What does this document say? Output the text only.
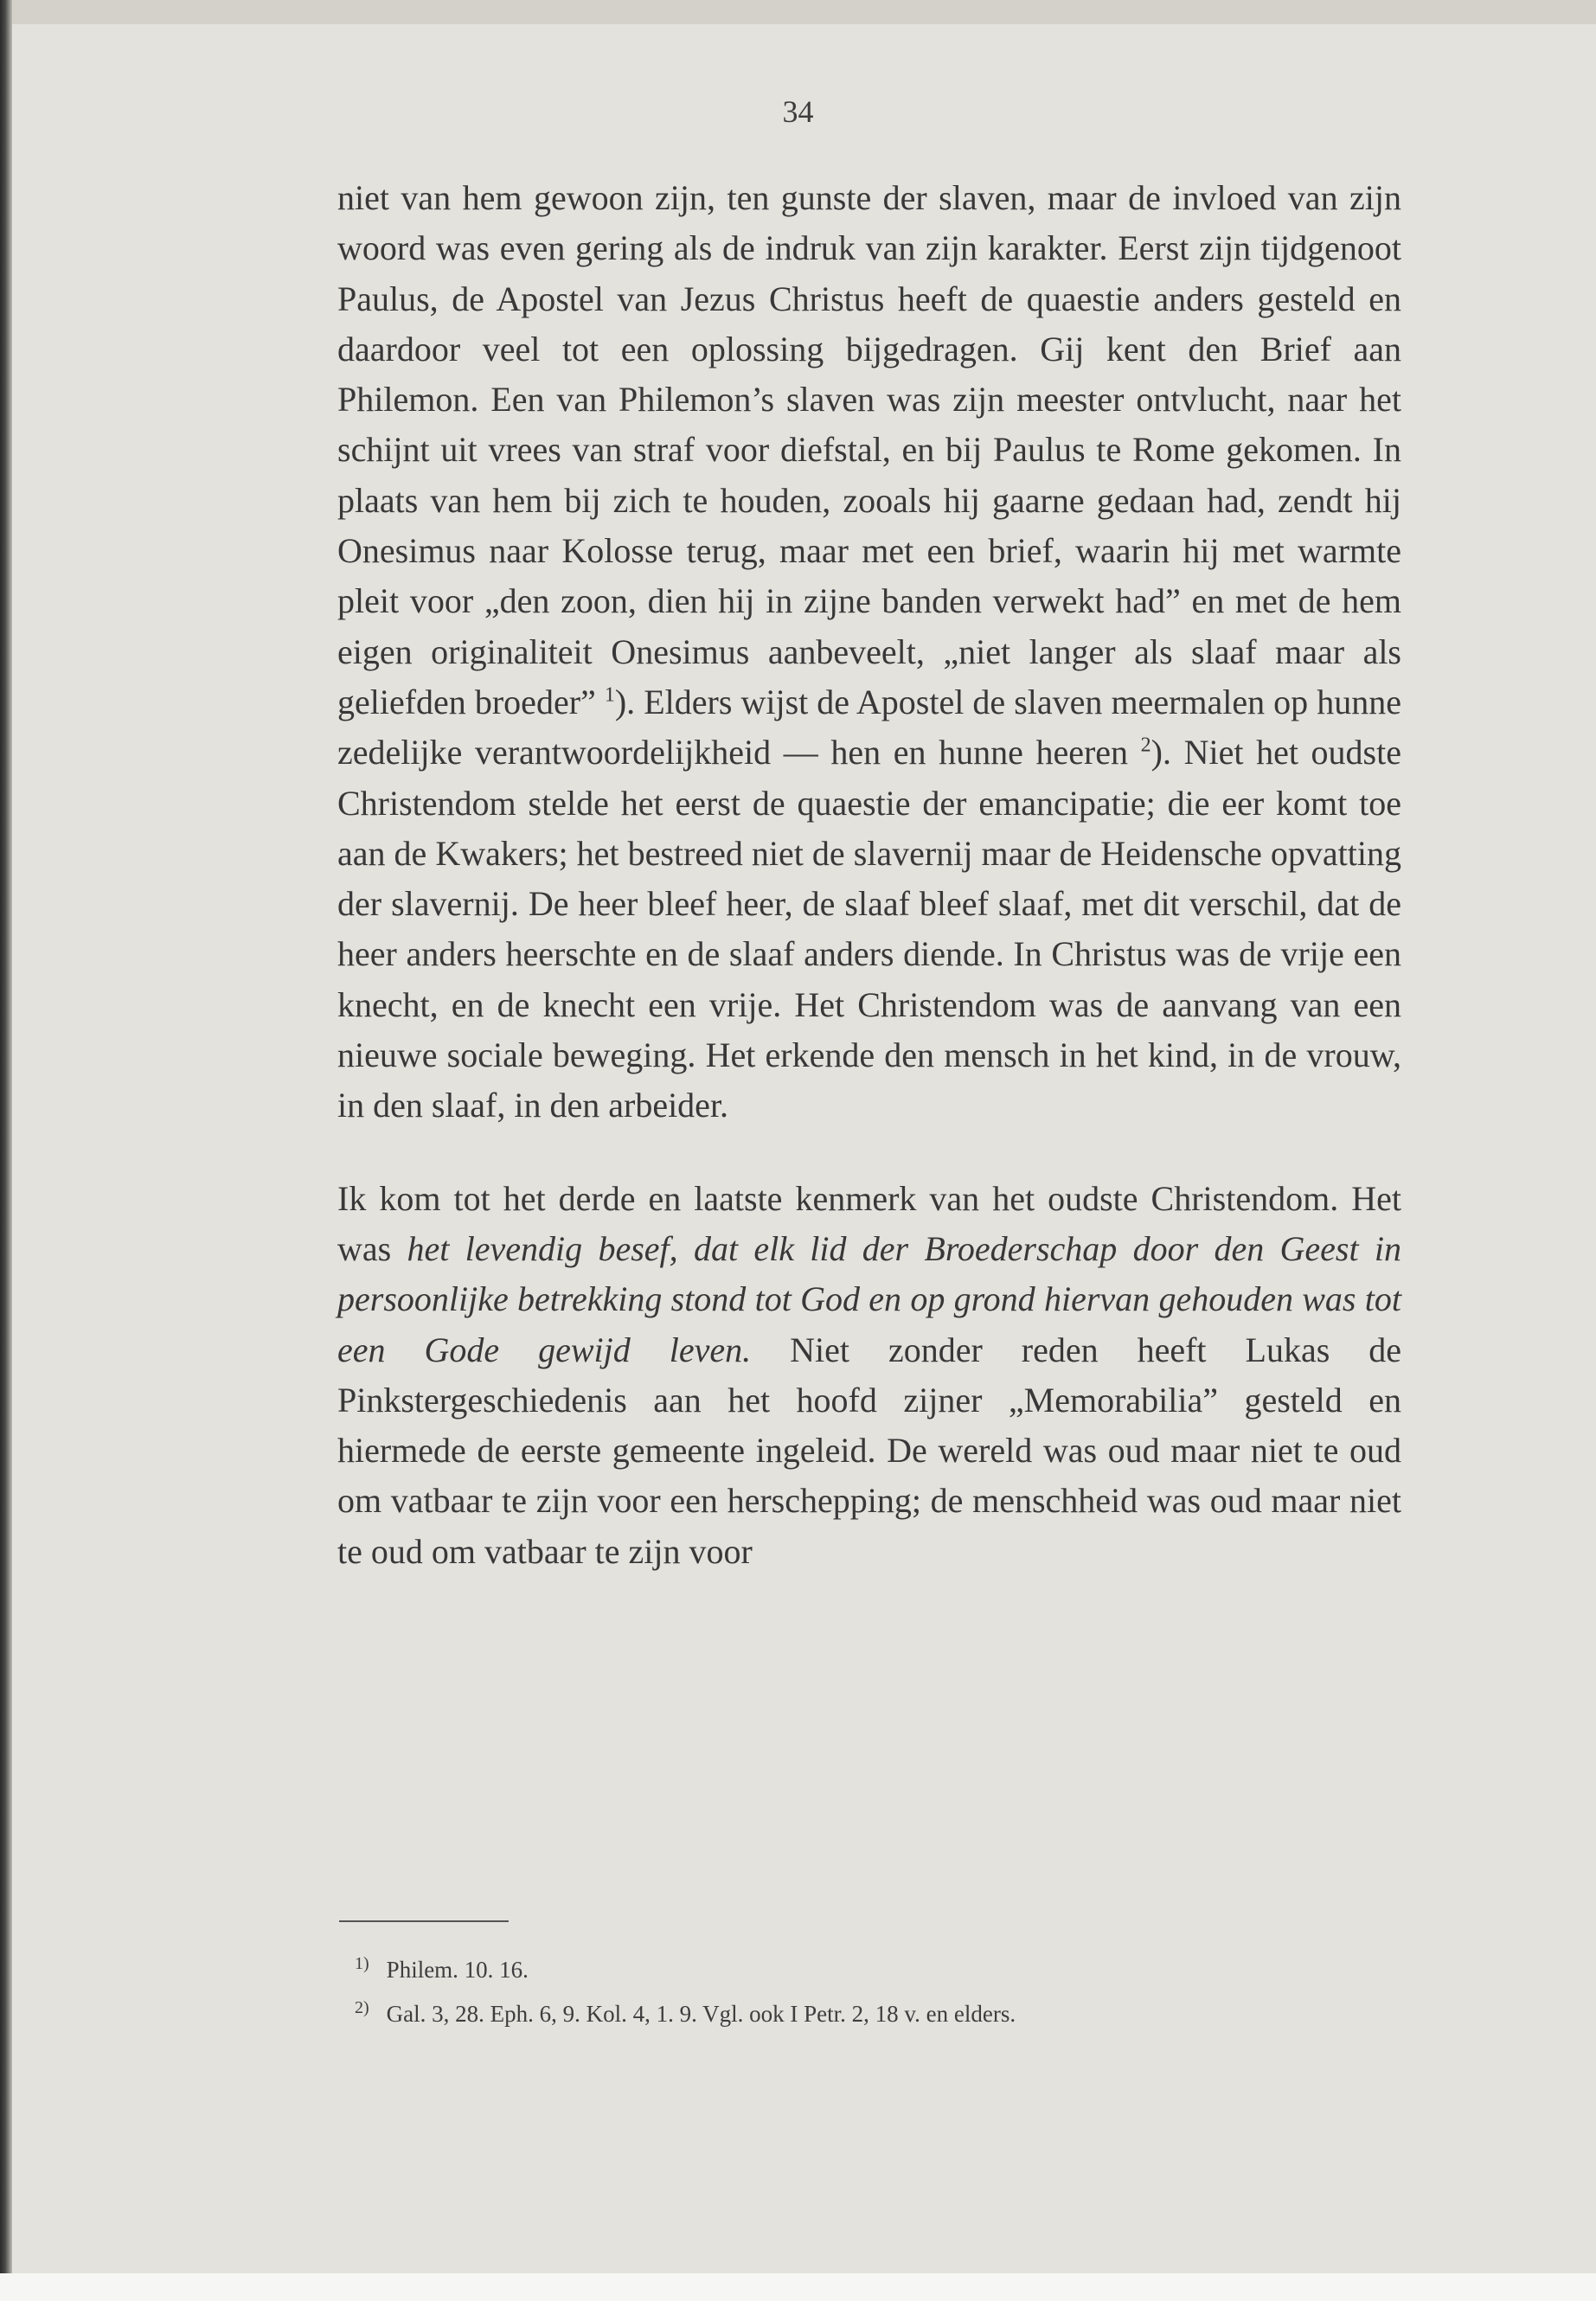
34

niet van hem gewoon zijn, ten gunste der slaven, maar de invloed van zijn woord was even gering als de indruk van zijn karakter. Eerst zijn tijdgenoot Paulus, de Apostel van Jezus Christus heeft de quaestie anders gesteld en daardoor veel tot een oplossing bijgedragen. Gij kent den Brief aan Philemon. Een van Philemon’s slaven was zijn meester ontvlucht, naar het schijnt uit vrees van straf voor diefstal, en bij Paulus te Rome gekomen. In plaats van hem bij zich te houden, zooals hij gaarne gedaan had, zendt hij Onesimus naar Kolosse terug, maar met een brief, waarin hij met warmte pleit voor „den zoon, dien hij in zijne banden verwekt had” en met de hem eigen originaliteit Onesimus aanbeveelt, „niet langer als slaaf maar als geliefden broeder” $^1$). Elders wijst de Apostel de slaven meermalen op hunne zedelijke verantwoordelijkheid — hen en hunne heeren $^2$). Niet het oudste Christendom stelde het eerst de quaestie der emancipatie; die eer komt toe aan de Kwakers; het bestreed niet de slavernij maar de Heidensche opvatting der slavernij. De heer bleef heer, de slaaf bleef slaaf, met dit verschil, dat de heer anders heerschte en de slaaf anders diende. In Christus was de vrije een knecht, en de knecht een vrije. Het Christendom was de aanvang van een nieuwe sociale beweging. Het erkende den mensch in het kind, in de vrouw, in den slaaf, in den arbeider.

Ik kom tot het derde en laatste kenmerk van het oudste Christendom. Het was het levendig besef, dat elk lid der Broederschap door den Geest in persoonlijke betrekking stond tot God en op grond hiervan gehouden was tot een Gode gewijd leven. Niet zonder reden heeft Lukas de Pinkstergeschiedenis aan het hoofd zijner „Memorabilia” gesteld en hiermede de eerste gemeente ingeleid. De wereld was oud maar niet te oud om vatbaar te zijn voor een herschepping; de menschheid was oud maar niet te oud om vatbaar te zijn voor

$^{1)}$ Philem. 10. 16.
$^{2)}$ Gal. 3, 28. Eph. 6, 9. Kol. 4, 1. 9. Vgl. ook I Petr. 2, 18 v. en elders.
